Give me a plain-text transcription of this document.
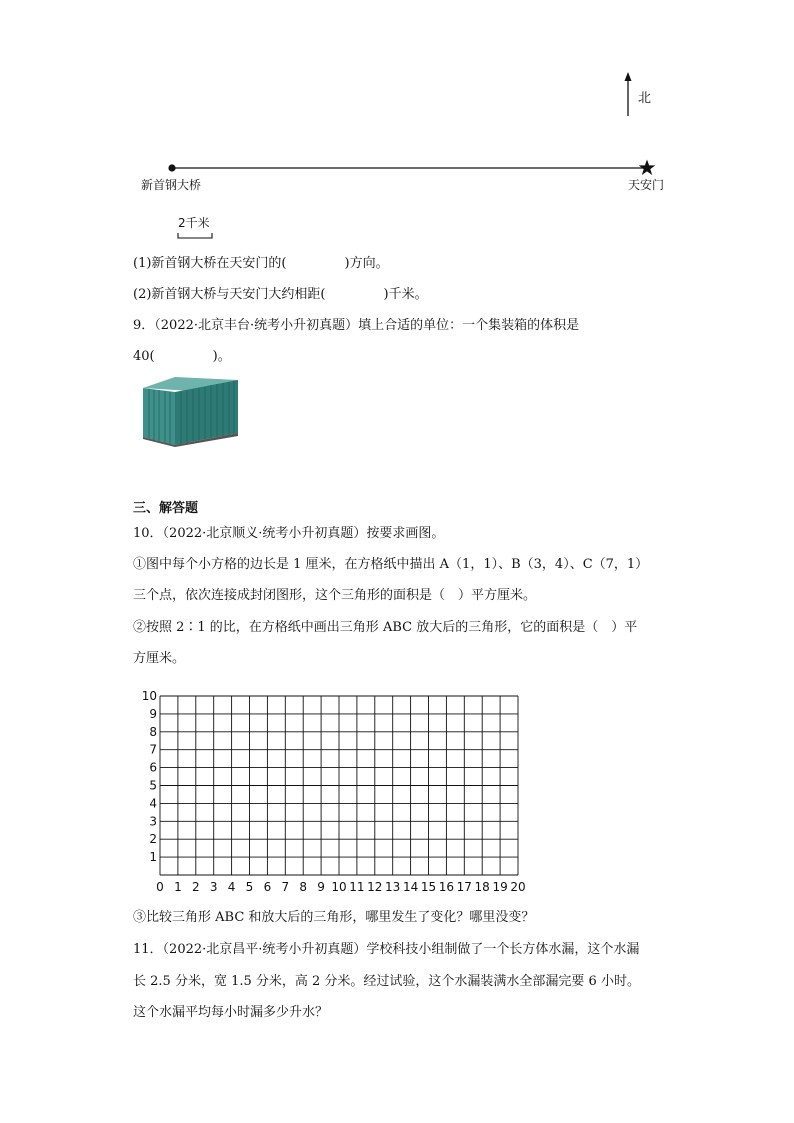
北
新首钢大桥	天安门
2千米
(1)新首钢大桥在天安门的(	)方向。
(2)新首钢大桥与天安门大约相距(	)千米。
9．（2022·北京丰台·统考小升初真题）填上合适的单位：一个集装箱的体积是
40(	)。
三、解答题
10．（2022·北京顺义·统考小升初真题）按要求画图。
①图中每个小方格的边长是 1 厘米，在方格纸中描出 A（1，1）、B（3，4）、C（7，1）
三个点，依次连接成封闭图形，这个三角形的面积是（　）平方厘米。
②按照 2∶1 的比，在方格纸中画出三角形 ABC 放大后的三角形，它的面积是（　）平
方厘米。
0 1 2 3 4 5 6 7 8 9 10 11 12 13 14 15 16 17 18 19 20
1
2
3
4
5
6
7
8
9
10
③比较三角形 ABC 和放大后的三角形，哪里发生了变化？哪里没变？
11．（2022·北京昌平·统考小升初真题）学校科技小组制做了一个长方体水漏，这个水漏
长 2.5 分米，宽 1.5 分米，高 2 分米。经过试验，这个水漏装满水全部漏完要 6 小时。
这个水漏平均每小时漏多少升水？
